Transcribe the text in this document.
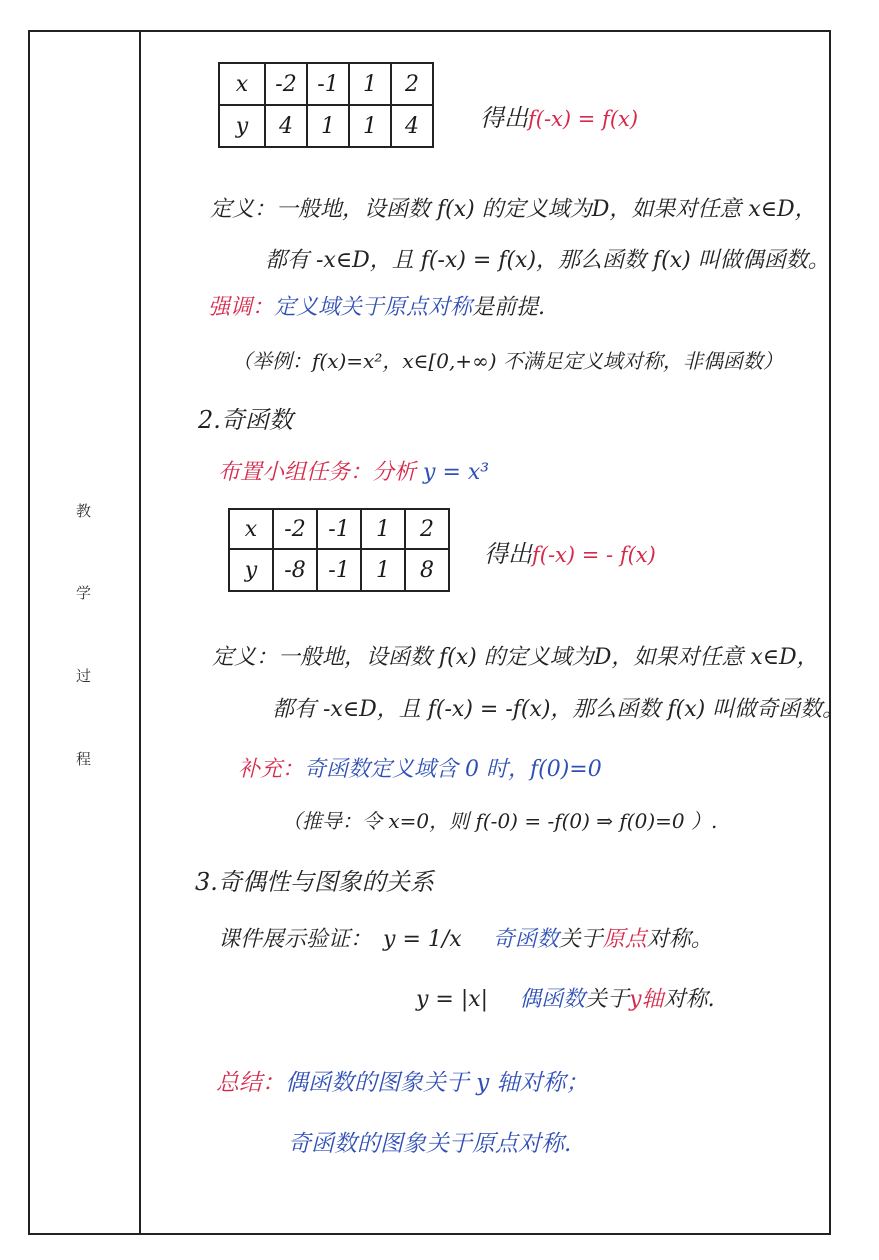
教
学
过
程
x	-2	-1	1	2
y	4	1	1	4	得出f(-x) = f(x)
定义：一般地，设函数 f(x) 的定义域为D，如果对任意 x∈D，
都有 -x∈D，且 f(-x) = f(x)，那么函数 f(x) 叫做偶函数。
强调：定义域关于原点对称是前提.
（举例：f(x)=x²，x∈[0,+∞) 不满足定义域对称，非偶函数）
2.奇函数
布置小组任务：分析 y = x³
x	-2	-1	1	2
y	-8	-1	1	8
得出f(-x) = - f(x)
定义：一般地，设函数 f(x) 的定义域为D，如果对任意 x∈D，
都有 -x∈D，且 f(-x) = -f(x)，那么函数 f(x) 叫做奇函数。
补充：奇函数定义域含 0 时，f(0)=0
（推导：令 x=0，则 f(-0) = -f(0) ⇒ f(0)=0 ）.
3.奇偶性与图象的关系
课件展示验证： y = 1/x 奇函数关于原点对称。
y = |x| 偶函数关于y轴对称.
总结：偶函数的图象关于 y 轴对称；
奇函数的图象关于原点对称.
